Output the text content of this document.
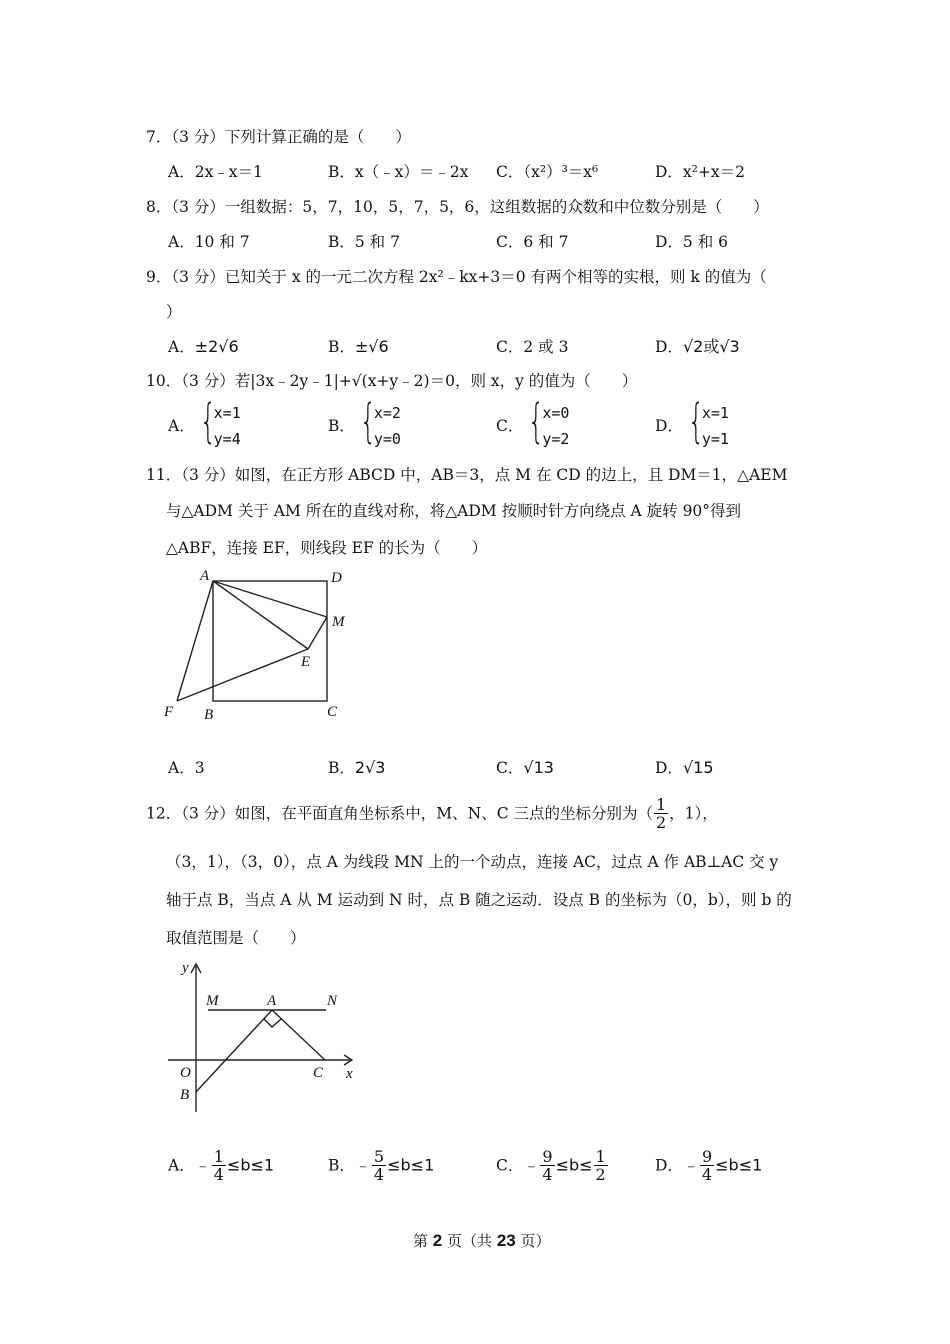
7．（3 分）下列计算正确的是（　　）
A．2x﹣x＝1	B．x（﹣x）＝﹣2x C．（x²）³＝x⁶	D．x²+x＝2
8．（3 分）一组数据：5，7，10，5，7，5，6，这组数据的众数和中位数分别是（　　）
A．10 和 7	B．5 和 7	C．6 和 7	D．5 和 6
9．（3 分）已知关于 x 的一元二次方程 2x²﹣kx+3＝0 有两个相等的实根，则 k 的值为（
）
A．±2√6	B．±√6	C．2 或 3	D．√2或√3
10．（3 分）若|3x﹣2y﹣1|+√(x+y﹣2)＝0，则 x，y 的值为（　　）
A． {
x=1
y=4
B． {
x=2
y=0
C． {
x=0
y=2
D． {
x=1
y=1
11．（3 分）如图，在正方形 ABCD 中，AB＝3，点 M 在 CD 的边上，且 DM＝1，△AEM
与△ADM 关于 AM 所在的直线对称，将△ADM 按顺时针方向绕点 A 旋转 90°得到
△ABF，连接 EF，则线段 EF 的长为（　　）
A	D
M
E
F B	C
A．3	B．2√3	C．√13	D．√15
12．（3 分）如图，在平面直角坐标系中，M、N、C 三点的坐标分别为（ $\frac{1}{2}$ ，1），
（3，1），（3，0），点 A 为线段 MN 上的一个动点，连接 AC，过点 A 作 AB⊥AC 交 y
轴于点 B，当点 A 从 M 运动到 N 时，点 B 随之运动．设点 B 的坐标为（0，b），则 b 的
取值范围是（　　）
y
x
M	A	N
O	C
B
A．﹣ $\frac{1}{4} \le b\le 1$	B．﹣ $\frac{5}{4} \le b\le 1$	C．﹣ $\frac{9}{4} \le b\le \frac{1}{2}$	D．﹣ $\frac{9}{4} \le b\le 1$
第 2 页（共 23 页）
